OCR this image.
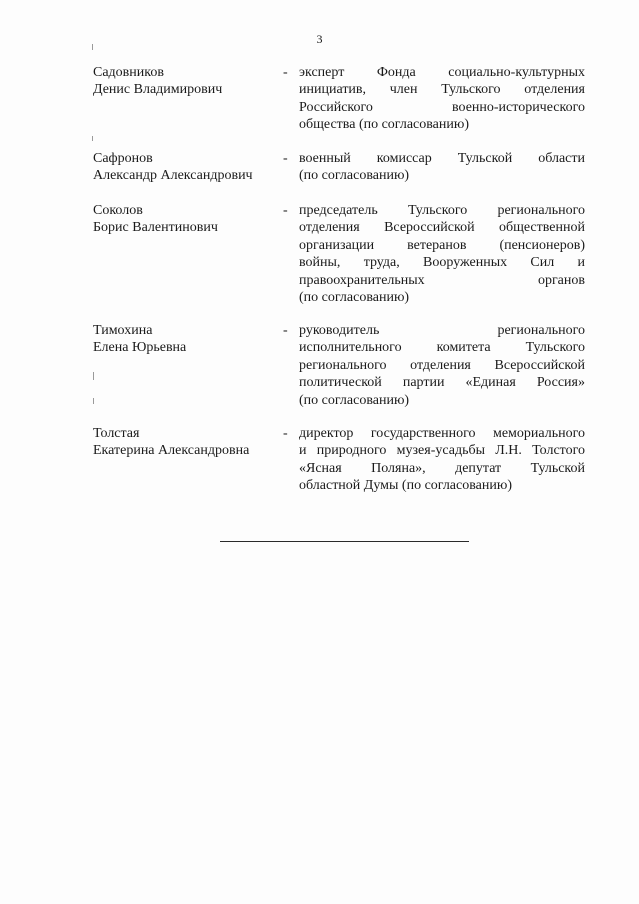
3
Садовников
Денис Владимирович
- эксперт Фонда социально-культурных
инициатив, член Тульского отделения
Российского военно-исторического
общества (по согласованию)
Сафронов
Александр Александрович
- военный комиссар Тульской области
(по согласованию)
Соколов
Борис Валентинович
- председатель Тульского регионального
отделения Всероссийской общественной
организации ветеранов (пенсионеров)
войны, труда, Вооруженных Сил и
правоохранительных органов
(по согласованию)
Тимохина
Елена Юрьевна
- руководитель регионального
исполнительного комитета Тульского
регионального отделения Всероссийской
политической партии «Единая Россия»
(по согласованию)
Толстая
Екатерина Александровна
- директор государственного мемориального
и природного музея-усадьбы Л.Н. Толстого
«Ясная Поляна», депутат Тульской
областной Думы (по согласованию)
